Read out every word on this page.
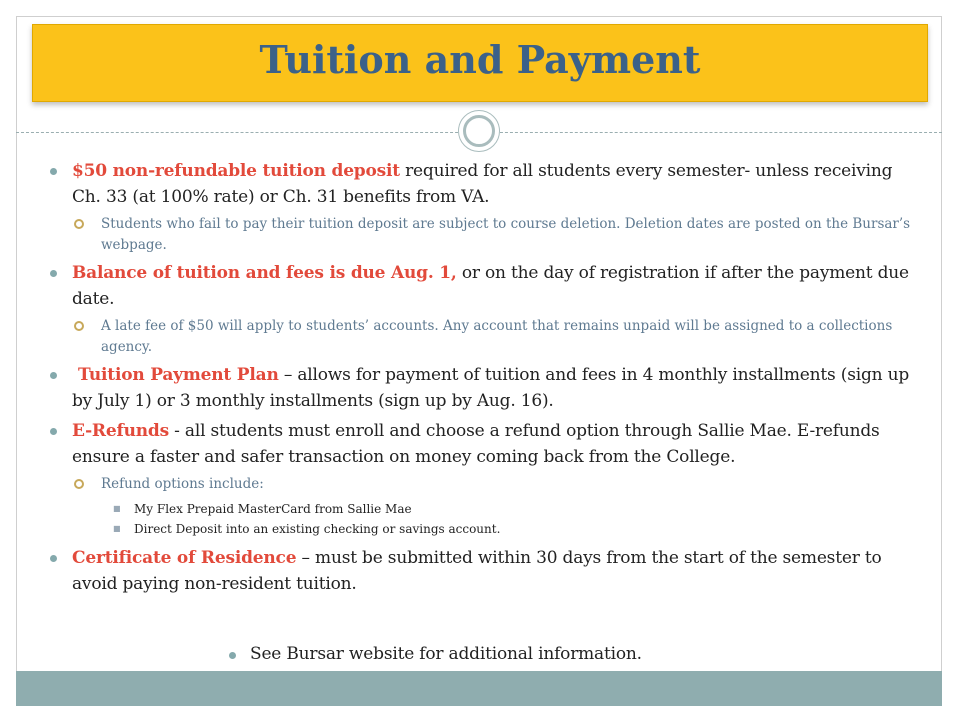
Tuition and Payment
$50 non-refundable tuition deposit required for all students every semester- unless receiving Ch. 33 (at 100% rate) or Ch. 31 benefits from VA.
Students who fail to pay their tuition deposit are subject to course deletion. Deletion dates are posted on the Bursar’s webpage.
Balance of tuition and fees is due Aug. 1, or on the day of registration if after the payment due date.
A late fee of $50 will apply to students’ accounts. Any account that remains unpaid will be assigned to a collections agency.
Tuition Payment Plan – allows for payment of tuition and fees in 4 monthly installments (sign up by July 1) or 3 monthly installments (sign up by Aug. 16).
E-Refunds - all students must enroll and choose a refund option through Sallie Mae. E-refunds ensure a faster and safer transaction on money coming back from the College.
Refund options include:
■ My Flex Prepaid MasterCard from Sallie Mae
■ Direct Deposit into an existing checking or savings account.
Certificate of Residence – must be submitted within 30 days from the start of the semester to avoid paying non-resident tuition.
See Bursar website for additional information.
